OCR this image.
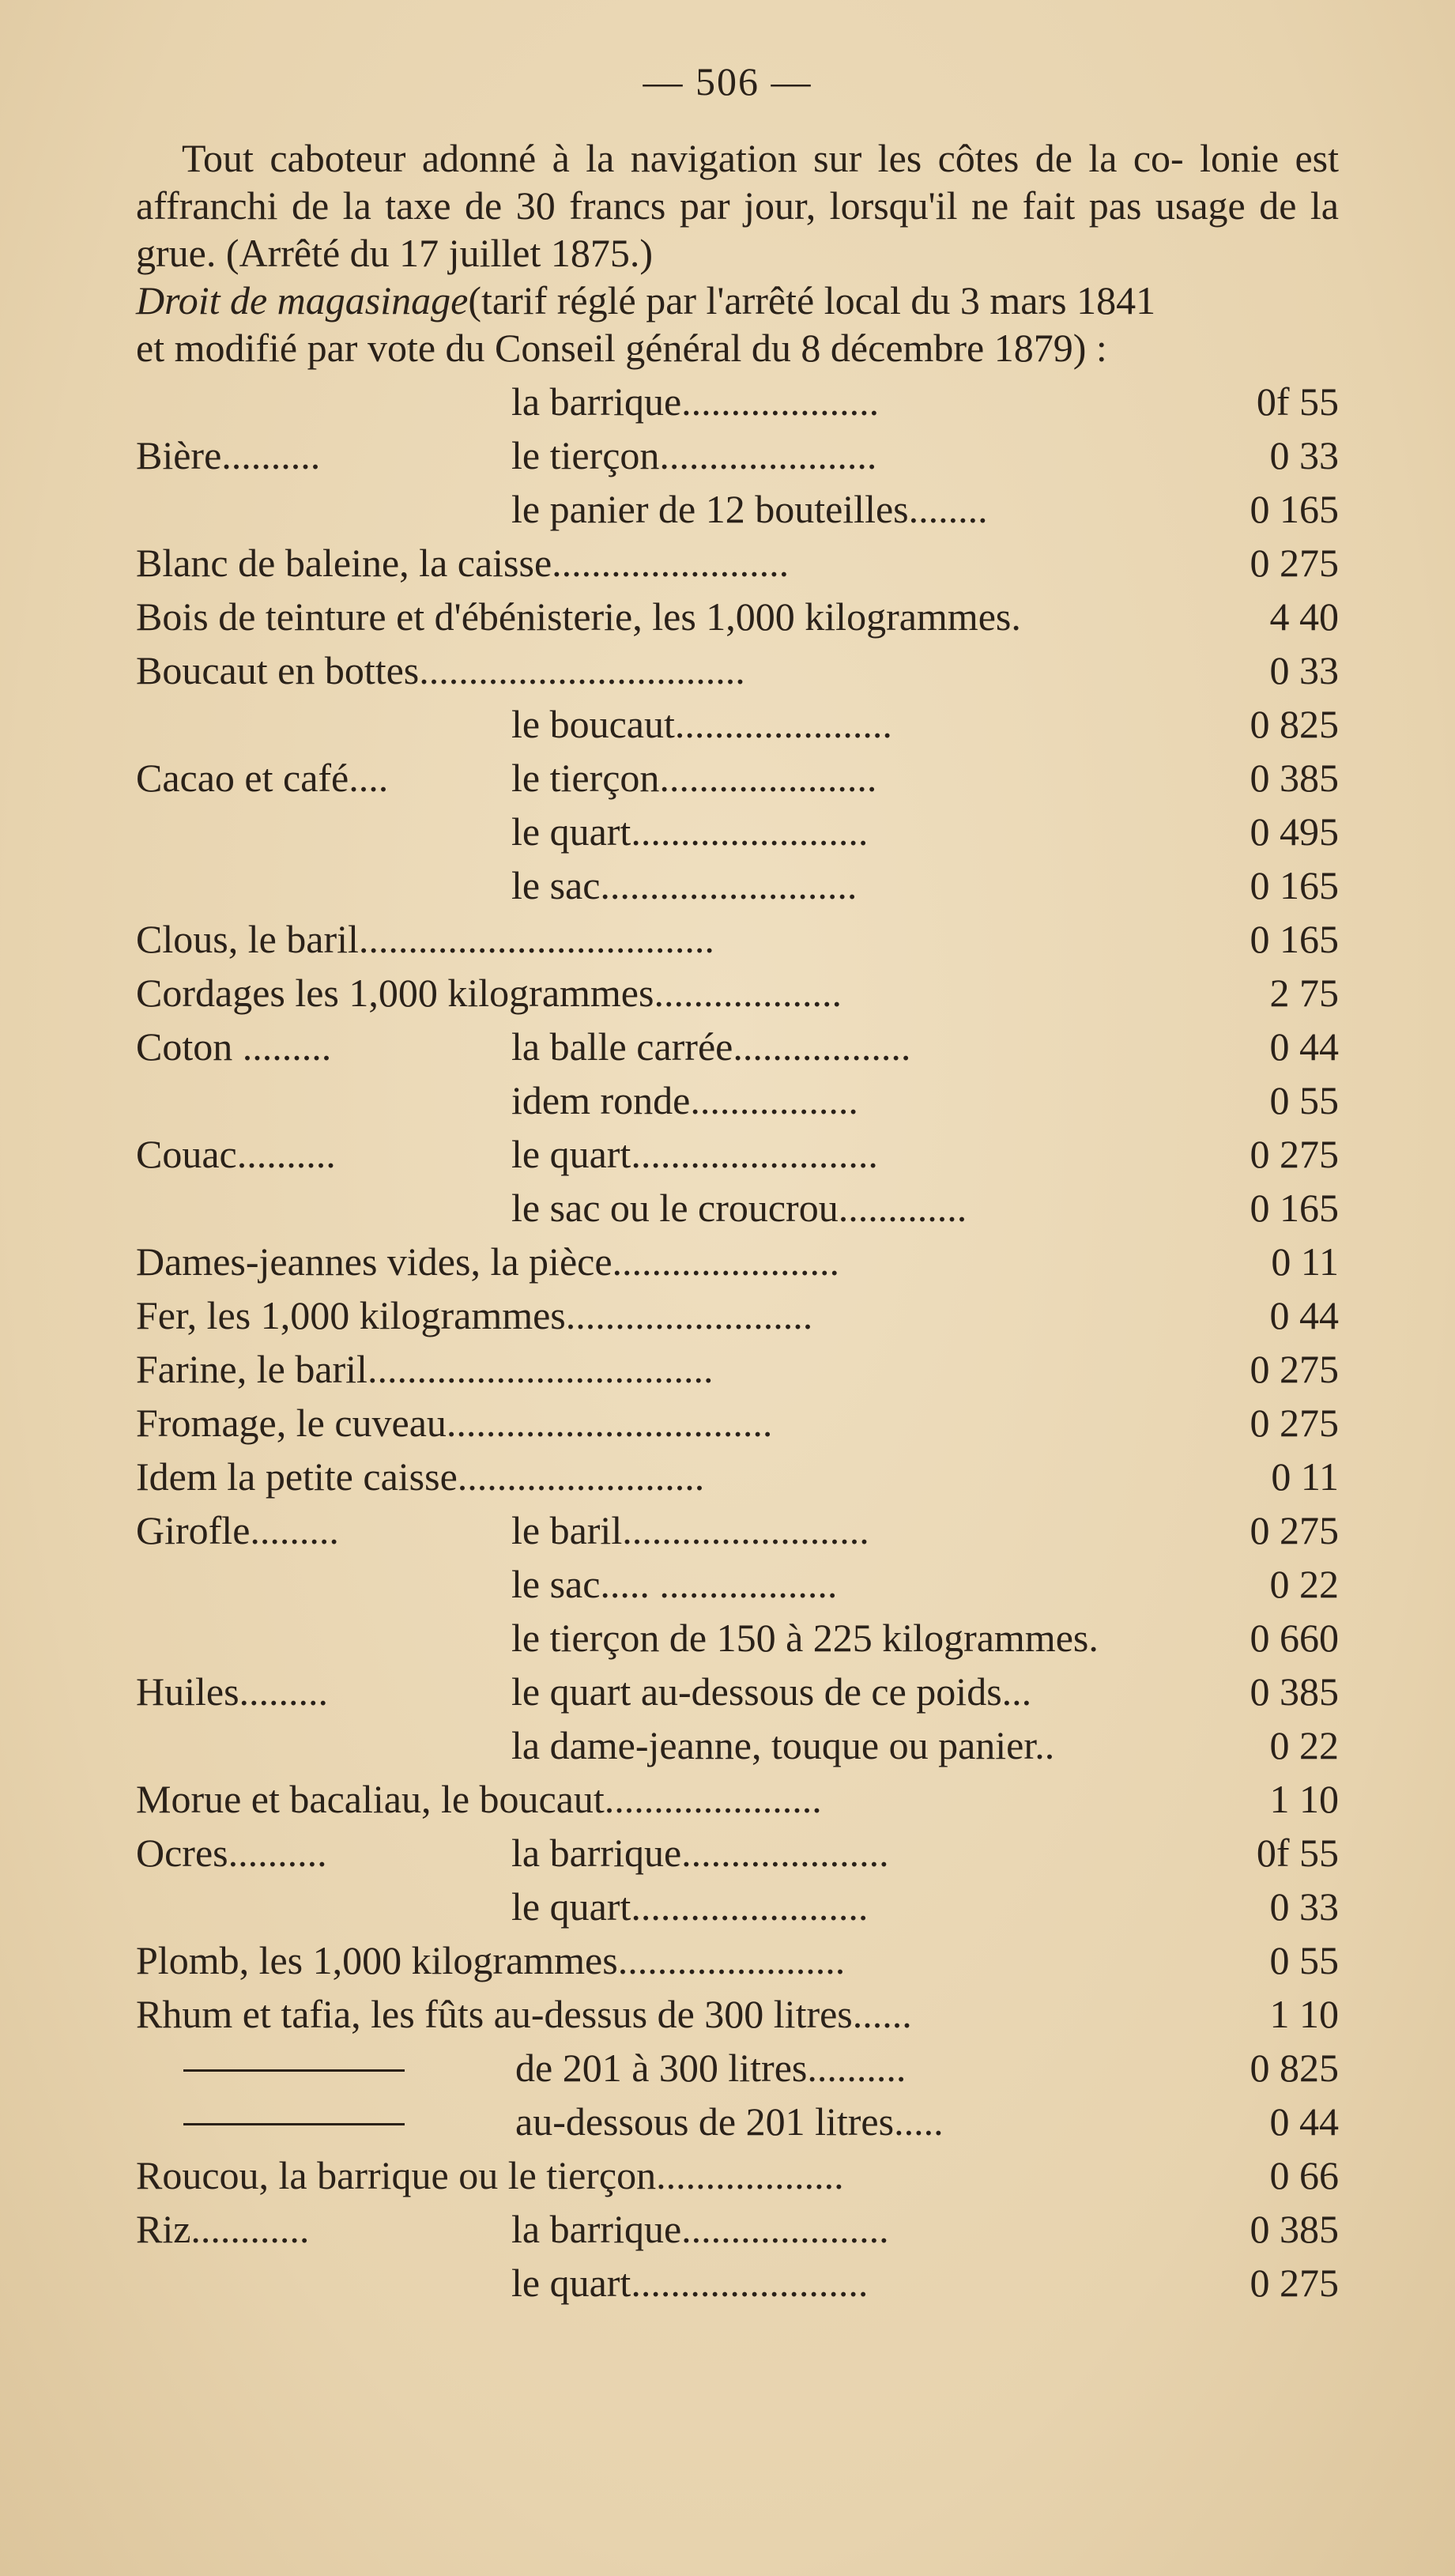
— 506 —

Tout caboteur adonné à la navigation sur les côtes de la co- lonie est affranchi de la taxe de 30 francs par jour, lorsqu'il ne fait pas usage de la grue. (Arrêté du 17 juillet 1875.)

Droit de magasinage(tarif réglé par l'arrêté local du 3 mars 1841

et modifié par vote du Conseil général du 8 décembre 1879) :

la barrique....................	0f 55
Bière..........	le tierçon......................	0 33
le panier de 12 bouteilles........	0 165
Blanc de baleine, la caisse........................	0 275
Bois de teinture et d'ébénisterie, les 1,000 kilogrammes.	4 40
Boucaut en bottes.................................	0 33
le boucaut......................	0 825
Cacao et café....	le tierçon......................	0 385
le quart........................	0 495
le sac..........................	0 165
Clous, le baril....................................	0 165
Cordages les 1,000 kilogrammes...................	2 75
Coton .........	la balle carrée..................	0 44
idem ronde.................	0 55
Couac..........	le quart.........................	0 275
le sac ou le croucrou.............	0 165
Dames-jeannes vides, la pièce.......................	0 11
Fer, les 1,000 kilogrammes.........................	0 44
Farine, le baril...................................	0 275
Fromage, le cuveau.................................	0 275
Idem la petite caisse.........................	0 11
Girofle.........	le baril.........................	0 275
le sac..... ..................	0 22
le tierçon de 150 à 225 kilogrammes.	0 660
Huiles.........	le quart au-dessous de ce poids...	0 385
la dame-jeanne, touque ou panier..	0 22
Morue et bacaliau, le boucaut......................	1 10
Ocres..........	la barrique.....................	0f 55
le quart........................	0 33
Plomb, les 1,000 kilogrammes.......................	0 55
Rhum et tafia, les fûts au-dessus de 300 litres......	1 10
de 201 à 300 litres..........	0 825
au-dessous de 201 litres.....	0 44
Roucou, la barrique ou le tierçon...................	0 66
Riz............	la barrique.....................	0 385
le quart........................	0 275
